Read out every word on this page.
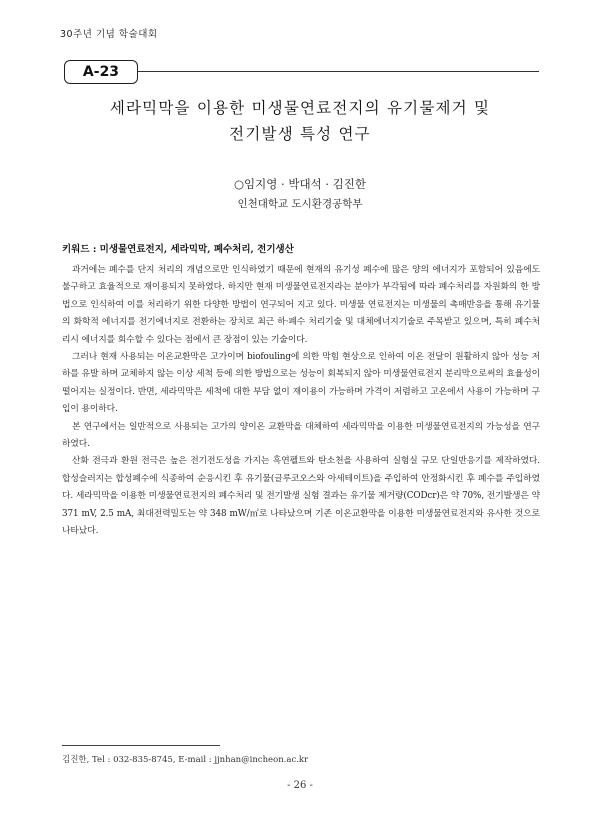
30주년 기념 학술대회
A-23
세라믹막을 이용한 미생물연료전지의 유기물제거 및
전기발생 특성 연구
○임지영 · 박대석 · 김진한
인천대학교 도시환경공학부
키워드 : 미생물연료전지, 세라믹막, 폐수처리, 전기생산

과거에는 폐수를 단지 처리의 개념으로만 인식하였기 때문에 현재의 유기성 폐수에 많은 양의 에너지가 포함되어 있음에도 불구하고 효율적으로 재이용되지 못하였다. 하지만 현재 미생물연료전지라는 분야가 부각됨에 따라 폐수처리를 자원화의 한 방법으로 인식하여 이를 처리하기 위한 다양한 방법이 연구되어 지고 있다. 미생물 연료전지는 미생물의 촉매반응을 통해 유기물의 화학적 에너지를 전기에너지로 전환하는 장치로 최근 하·폐수 처리기술 및 대체에너지기술로 주목받고 있으며, 특히 폐수처리시 에너지를 회수할 수 있다는 점에서 큰 장점이 있는 기술이다.

그러나 현재 사용되는 이온교환막은 고가이며 biofouling에 의한 막힘 현상으로 인하여 이온 전달이 원활하지 않아 성능 저하를 유발 하며 교체하지 않는 이상 세척 등에 의한 방법으로는 성능이 회복되지 않아 미생물연료전지 분리막으로써의 효율성이 떨어지는 실정이다. 반면, 세라믹막은 세척에 대한 부담 없이 재이용이 가능하며 가격이 저렴하고 고온에서 사용이 가능하며 구입이 용이하다.

본 연구에서는 일반적으로 사용되는 고가의 양이온 교환막을 대체하여 세라믹막을 이용한 미생물연료전지의 가능성을 연구하였다.

산화 전극과 환원 전극은 높은 전기전도성을 가지는 흑연펠트와 탄소천을 사용하여 실험실 규모 단일반응기를 제작하였다. 합성슬러지는 합성폐수에 식종하여 순응시킨 후 유기물(글루코오스와 아세테이트)을 주입하여 안정화시킨 후 폐수를 주입하였다. 세라믹막을 이용한 미생물연료전지의 폐수처리 및 전기발생 실험 결과는 유기물 제거량(CODcr)은 약 70%, 전기발생은 약 371 mV, 2.5 mA, 최대전력밀도는 약 348 mW/㎡로 나타났으며 기존 이온교환막을 이용한 미생물연료전지와 유사한 것으로 나타났다.

김진한, Tel : 032-835-8745, E-mail : jjnhan@incheon.ac.kr
- 26 -
